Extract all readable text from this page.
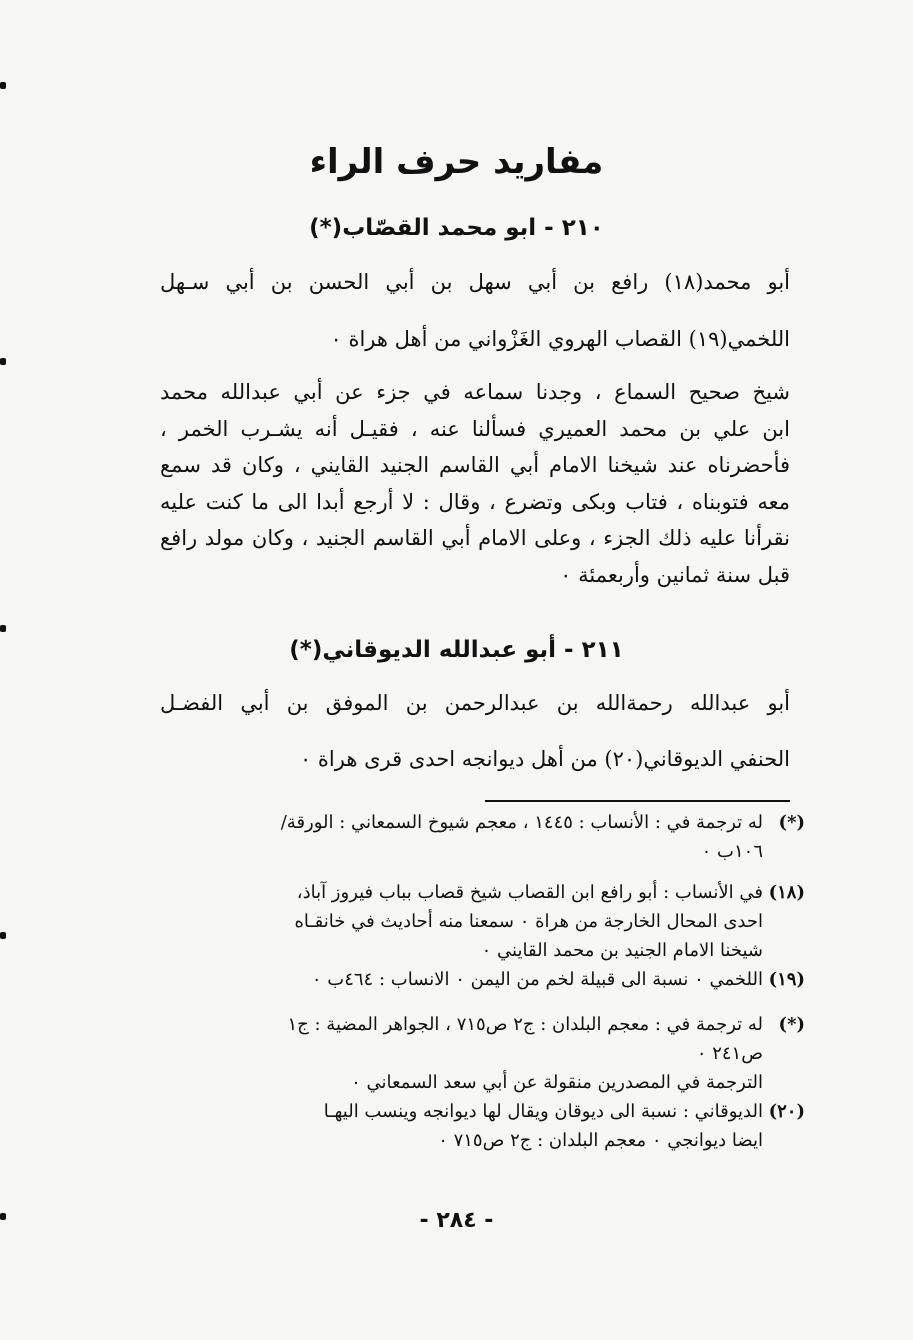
مفاريد حرف الراء
٢١٠ - ابو محمد القصّاب(*)
أبو محمد(١٨) رافع بن أبي سهل بن أبي الحسن بن أبي سـهل
اللخمي(١٩) القصاب الهروي الغَزْواني من أهل هراة ٠
شيخ صحيح السماع ، وجدنا سماعه في جزء عن أبي عبدالله محمد
ابن علي بن محمد العميري فسألنا عنه ، فقيـل أنه يشـرب الخمر ،
فأحضرناه عند شيخنا الامام أبي القاسم الجنيد القايني ، وكان قد سمع
معه فتوبناه ، فتاب وبكى وتضرع ، وقال : لا أرجع أبدا الى ما كنت عليه
نقرأنا عليه ذلك الجزء ، وعلى الامام أبي القاسم الجنيد ، وكان مولد رافع
قبل سنة ثمانين وأربعمئة ٠
٢١١ - أبو عبدالله الديوقاني(*)
أبو عبدالله رحمةالله بن عبدالرحمن بن الموفق بن أبي الفضـل
الحنفي الديوقاني(٢٠) من أهل ديوانجه احدى قرى هراة ٠
(*)له ترجمة في : الأنساب : ١٤٤٥ ، معجم شيوخ السمعاني : الورقة/
١٠٦ب ٠
(١٨)في الأنساب : أبو رافع ابن القصاب شيخ قصاب بباب فيروز آباذ،
احدى المحال الخارجة من هراة ٠ سمعنا منه أحاديث في خانقـاه
شيخنا الامام الجنيد بن محمد القايني ٠
(١٩)اللخمي ٠ نسبة الى قبيلة لخم من اليمن ٠ الانساب : ٤٦٤ب ٠
(*)له ترجمة في : معجم البلدان : ج٢ ص٧١٥ ، الجواهر المضية : ج١
ص٢٤١ ٠
الترجمة في المصدرين منقولة عن أبي سعد السمعاني ٠
(٢٠)الديوقاني : نسبة الى ديوقان ويقال لها ديوانجه وينسب اليهـا
ايضا ديوانجي ٠ معجم البلدان : ج٢ ص٧١٥ ٠
- ٢٨٤ -
